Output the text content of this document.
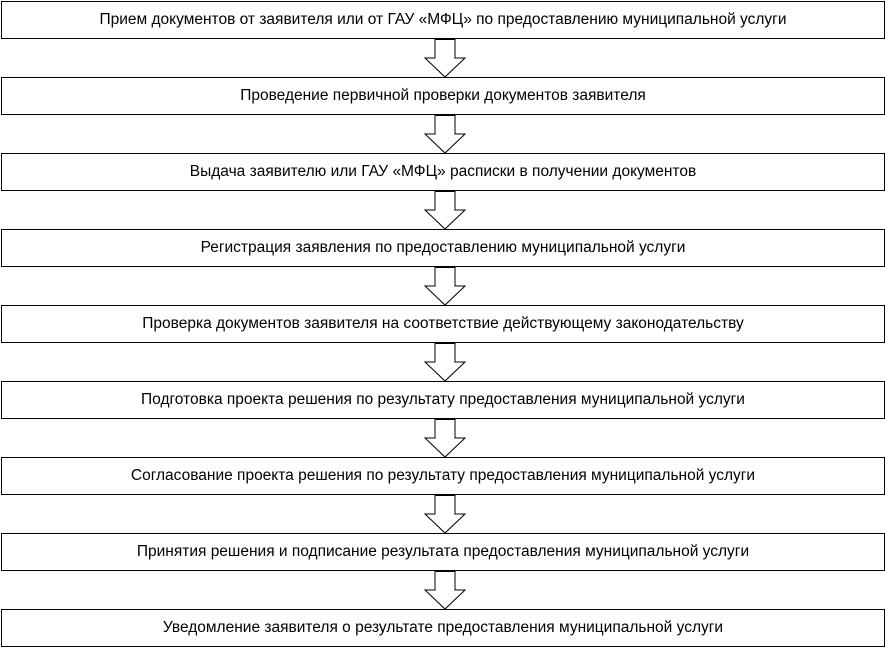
Прием документов от заявителя или от ГАУ «МФЦ» по предоставлению муниципальной услуги
Проведение первичной проверки документов заявителя
Выдача заявителю или ГАУ «МФЦ» расписки в получении документов
Регистрация заявления по предоставлению муниципальной услуги
Проверка документов заявителя на соответствие действующему законодательству
Подготовка проекта решения по результату предоставления муниципальной услуги
Согласование проекта решения по результату предоставления муниципальной услуги
Принятия решения и подписание результата предоставления муниципальной услуги
Уведомление заявителя о результате предоставления муниципальной услуги
